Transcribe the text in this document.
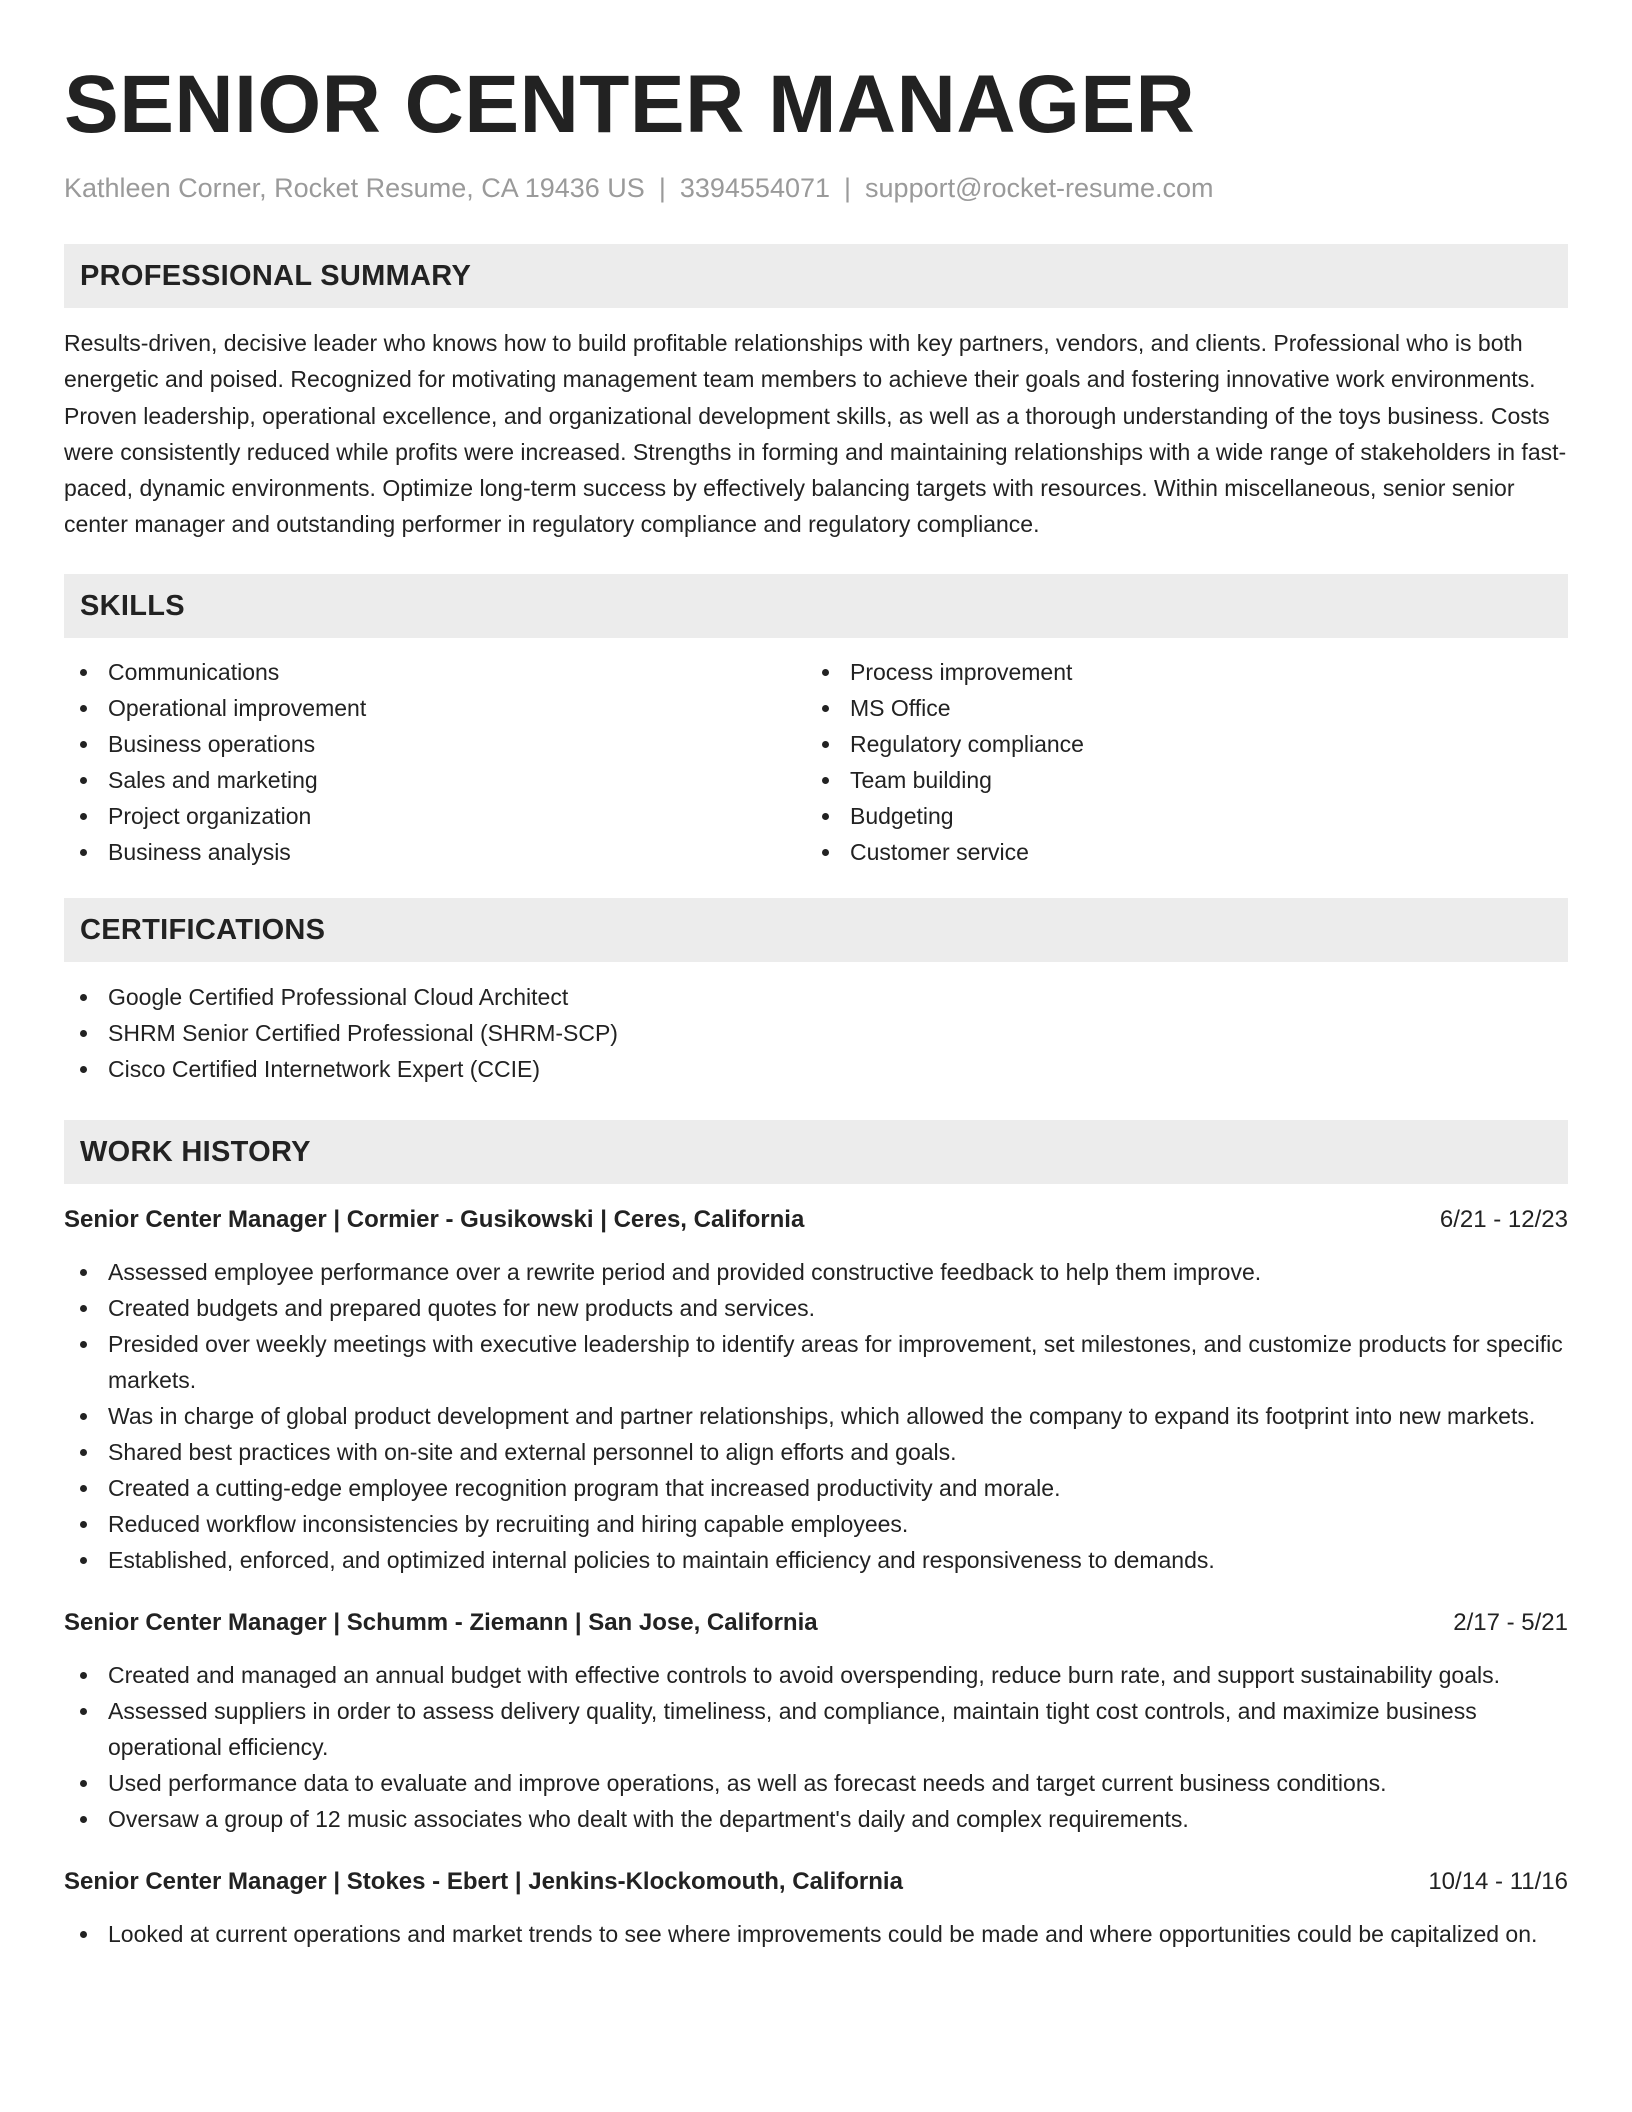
SENIOR CENTER MANAGER
Kathleen Corner, Rocket Resume, CA 19436 US | 3394554071 | support@rocket-resume.com
PROFESSIONAL SUMMARY

Results-driven, decisive leader who knows how to build profitable relationships with key partners, vendors, and clients. Professional who is both energetic and poised. Recognized for motivating management team members to achieve their goals and fostering innovative work environments. Proven leadership, operational excellence, and organizational development skills, as well as a thorough understanding of the toys business. Costs were consistently reduced while profits were increased. Strengths in forming and maintaining relationships with a wide range of stakeholders in fast-paced, dynamic environments. Optimize long-term success by effectively balancing targets with resources. Within miscellaneous, senior senior center manager and outstanding performer in regulatory compliance and regulatory compliance.

SKILLS
Communications
Operational improvement
Business operations
Sales and marketing
Project organization
Business analysis
Process improvement
MS Office
Regulatory compliance
Team building
Budgeting
Customer service
CERTIFICATIONS
Google Certified Professional Cloud Architect
SHRM Senior Certified Professional (SHRM-SCP)
Cisco Certified Internetwork Expert (CCIE)
WORK HISTORY
Senior Center Manager | Cormier - Gusikowski | Ceres, California	6/21 - 12/23
Assessed employee performance over a rewrite period and provided constructive feedback to help them improve.
Created budgets and prepared quotes for new products and services.
Presided over weekly meetings with executive leadership to identify areas for improvement, set milestones, and customize products for specific markets.
Was in charge of global product development and partner relationships, which allowed the company to expand its footprint into new markets.
Shared best practices with on-site and external personnel to align efforts and goals.
Created a cutting-edge employee recognition program that increased productivity and morale.
Reduced workflow inconsistencies by recruiting and hiring capable employees.
Established, enforced, and optimized internal policies to maintain efficiency and responsiveness to demands.
Senior Center Manager | Schumm - Ziemann | San Jose, California	2/17 - 5/21
Created and managed an annual budget with effective controls to avoid overspending, reduce burn rate, and support sustainability goals.
Assessed suppliers in order to assess delivery quality, timeliness, and compliance, maintain tight cost controls, and maximize business operational efficiency.
Used performance data to evaluate and improve operations, as well as forecast needs and target current business conditions.
Oversaw a group of 12 music associates who dealt with the department's daily and complex requirements.
Senior Center Manager | Stokes - Ebert | Jenkins-Klockomouth, California	10/14 - 11/16
Looked at current operations and market trends to see where improvements could be made and where opportunities could be capitalized on.
